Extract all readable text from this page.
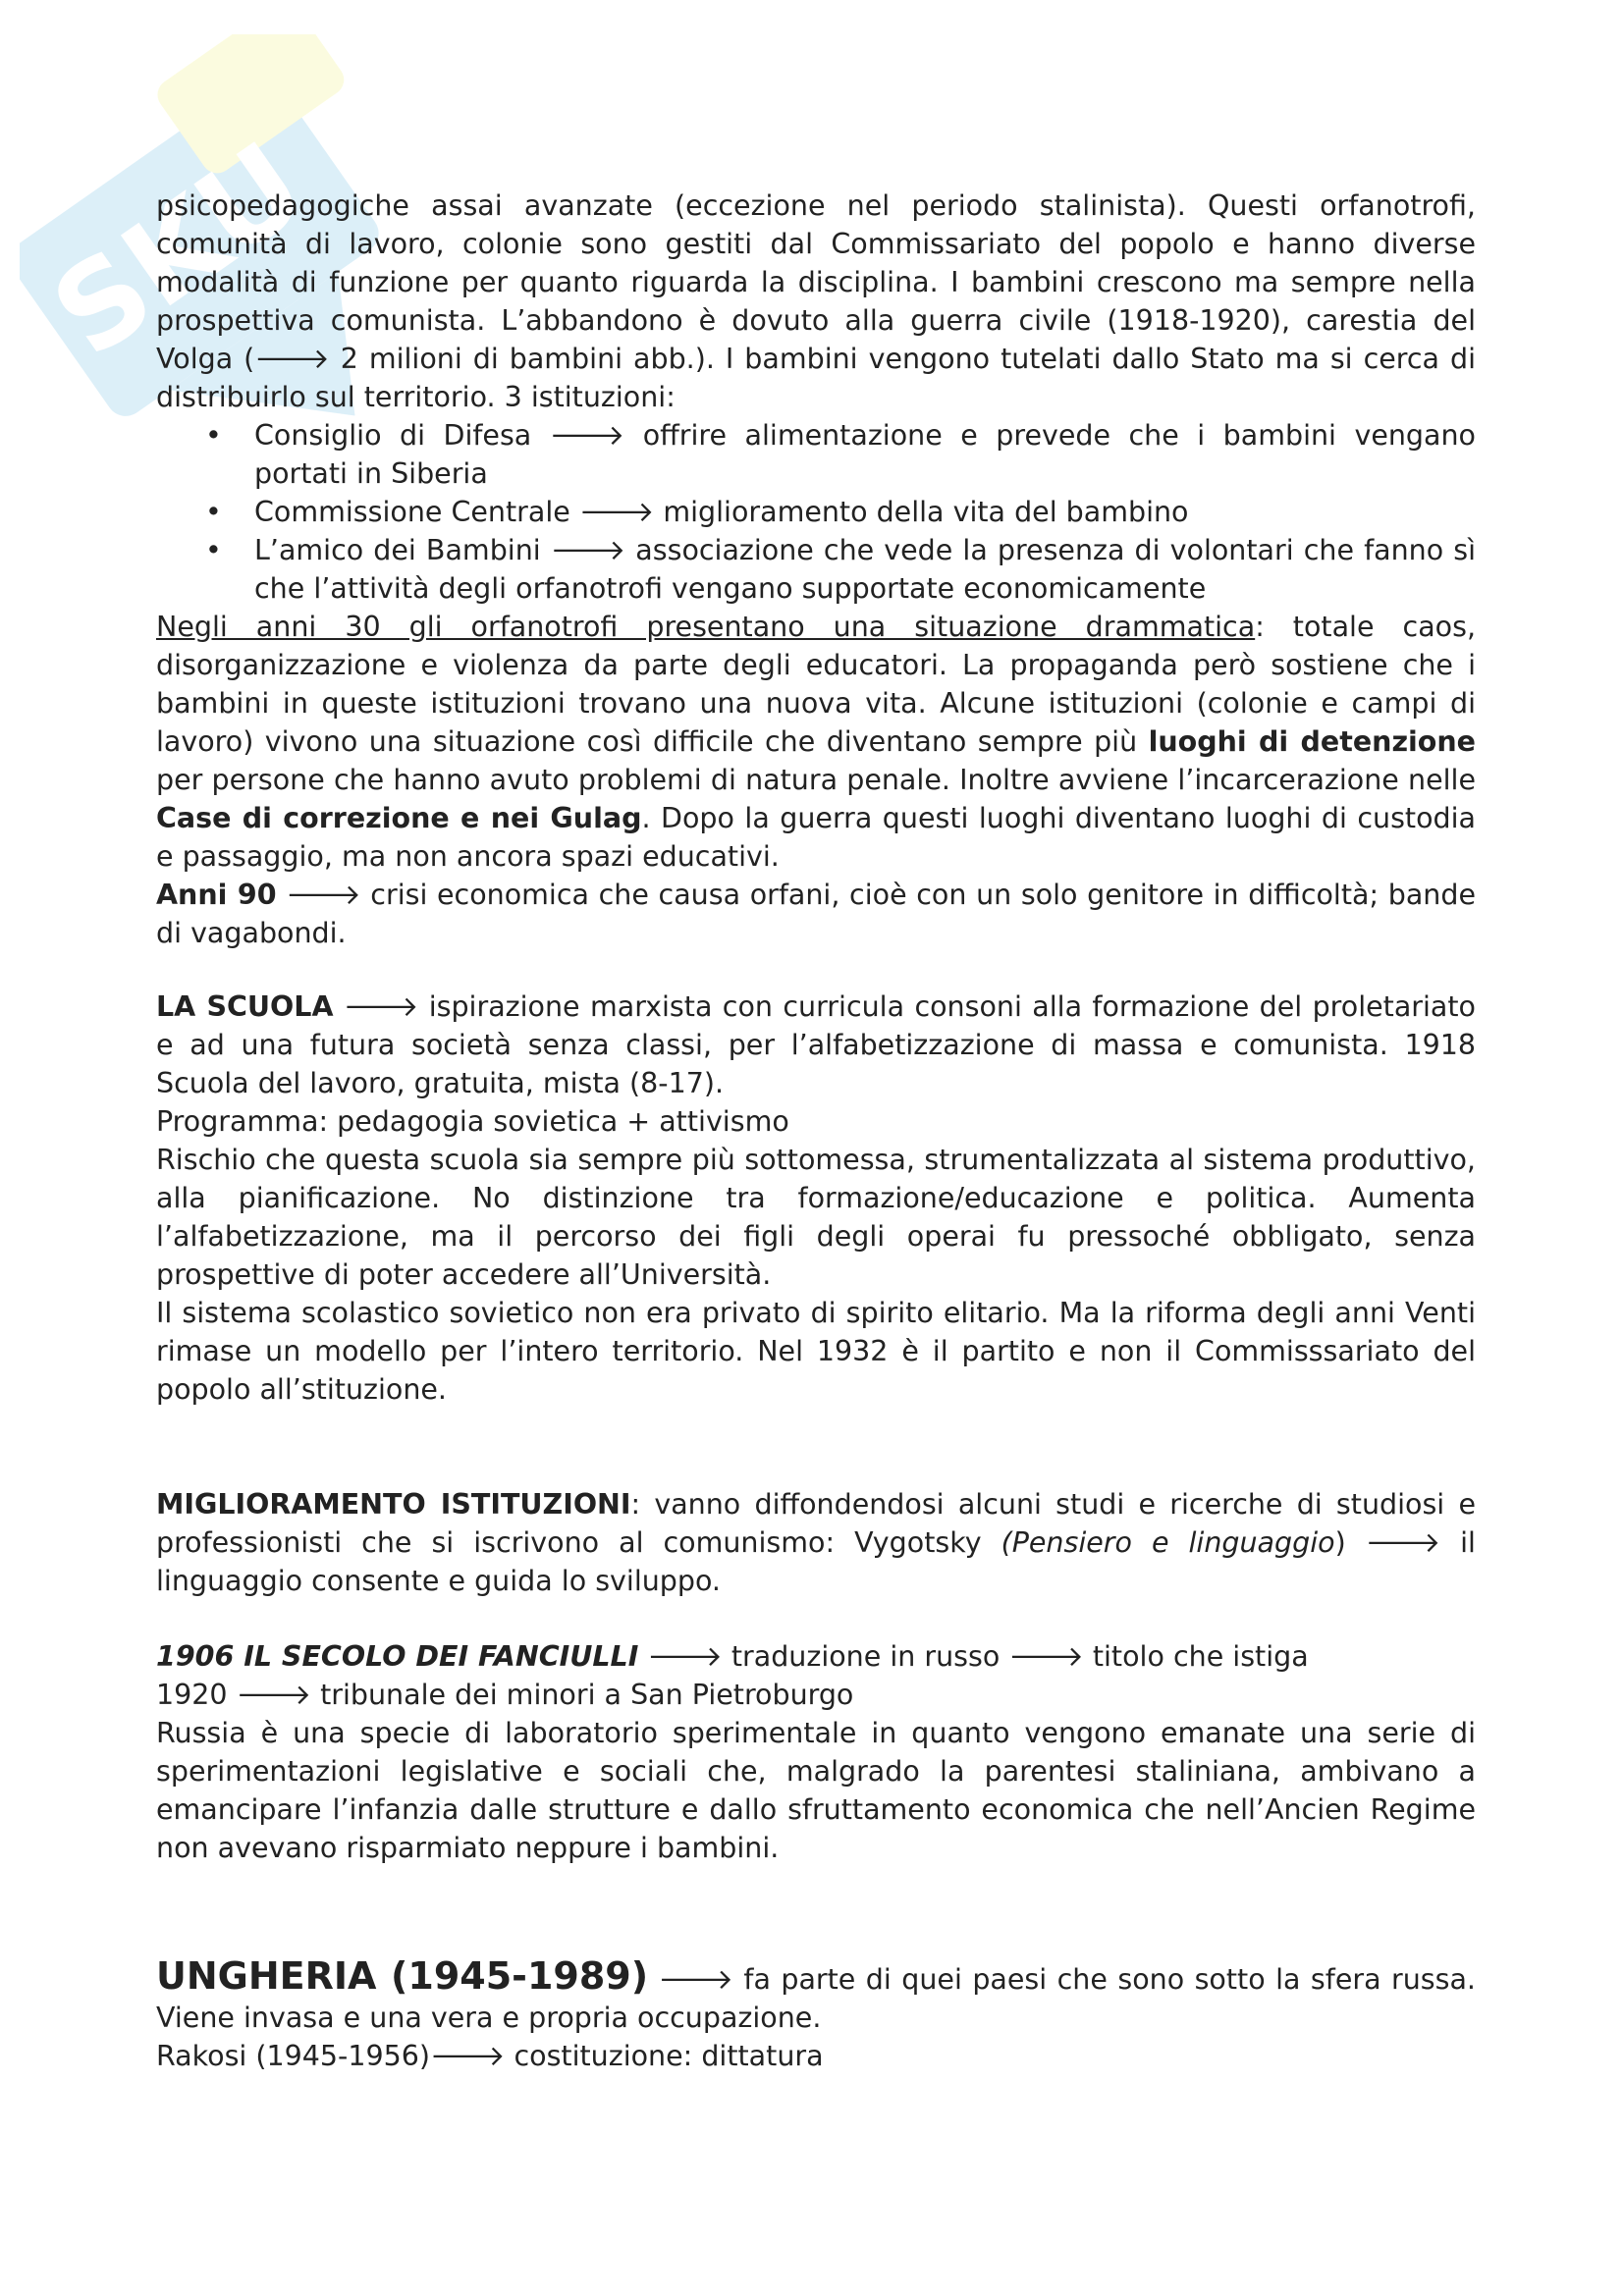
SKU

psicopedagogiche assai avanzate (eccezione nel periodo stalinista). Questi orfanotrofi, comunità di lavoro, colonie sono gestiti dal Commissariato del popolo e hanno diverse modalità di funzione per quanto riguarda la disciplina. I bambini crescono ma sempre nella prospettiva comunista. L’abbandono è dovuto alla guerra civile (1918-1920), carestia del Volga (🡒 2 milioni di bambini abb.). I bambini vengono tutelati dallo Stato ma si cerca di distribuirlo sul territorio. 3 istituzioni:

• Consiglio di Difesa 🡒 offrire alimentazione e prevede che i bambini vengano portati in Siberia
• Commissione Centrale 🡒 miglioramento della vita del bambino
• L’amico dei Bambini 🡒 associazione che vede la presenza di volontari che fanno sì che l’attività degli orfanotrofi vengano supportate economicamente

Negli anni 30 gli orfanotrofi presentano una situazione drammatica: totale caos, disorganizzazione e violenza da parte degli educatori. La propaganda però sostiene che i bambini in queste istituzioni trovano una nuova vita. Alcune istituzioni (colonie e campi di lavoro) vivono una situazione così difficile che diventano sempre più luoghi di detenzione per persone che hanno avuto problemi di natura penale. Inoltre avviene l’incarcerazione nelle Case di correzione e nei Gulag. Dopo la guerra questi luoghi diventano luoghi di custodia e passaggio, ma non ancora spazi educativi.

Anni 90 🡒 crisi economica che causa orfani, cioè con un solo genitore in difficoltà; bande di vagabondi.

LA SCUOLA 🡒 ispirazione marxista con curricula consoni alla formazione del proletariato e ad una futura società senza classi, per l’alfabetizzazione di massa e comunista. 1918 Scuola del lavoro, gratuita, mista (8-17).

Programma: pedagogia sovietica + attivismo

Rischio che questa scuola sia sempre più sottomessa, strumentalizzata al sistema produttivo, alla pianificazione. No distinzione tra formazione/educazione e politica. Aumenta l’alfabetizzazione, ma il percorso dei figli degli operai fu pressoché obbligato, senza prospettive di poter accedere all’Università.

Il sistema scolastico sovietico non era privato di spirito elitario. Ma la riforma degli anni Venti rimase un modello per l’intero territorio. Nel 1932 è il partito e non il Commisssariato del popolo all’stituzione.

MIGLIORAMENTO ISTITUZIONI: vanno diffondendosi alcuni studi e ricerche di studiosi e professionisti che si iscrivono al comunismo: Vygotsky (Pensiero e linguaggio) 🡒 il linguaggio consente e guida lo sviluppo.

1906 IL SECOLO DEI FANCIULLI 🡒 traduzione in russo 🡒 titolo che istiga

1920 🡒 tribunale dei minori a San Pietroburgo

Russia è una specie di laboratorio sperimentale in quanto vengono emanate una serie di sperimentazioni legislative e sociali che, malgrado la parentesi staliniana, ambivano a emancipare l’infanzia dalle strutture e dallo sfruttamento economica che nell’Ancien Regime non avevano risparmiato neppure i bambini.

UNGHERIA (1945-1989) 🡒 fa parte di quei paesi che sono sotto la sfera russa. Viene invasa e una vera e propria occupazione.

Rakosi (1945-1956)🡒 costituzione: dittatura
